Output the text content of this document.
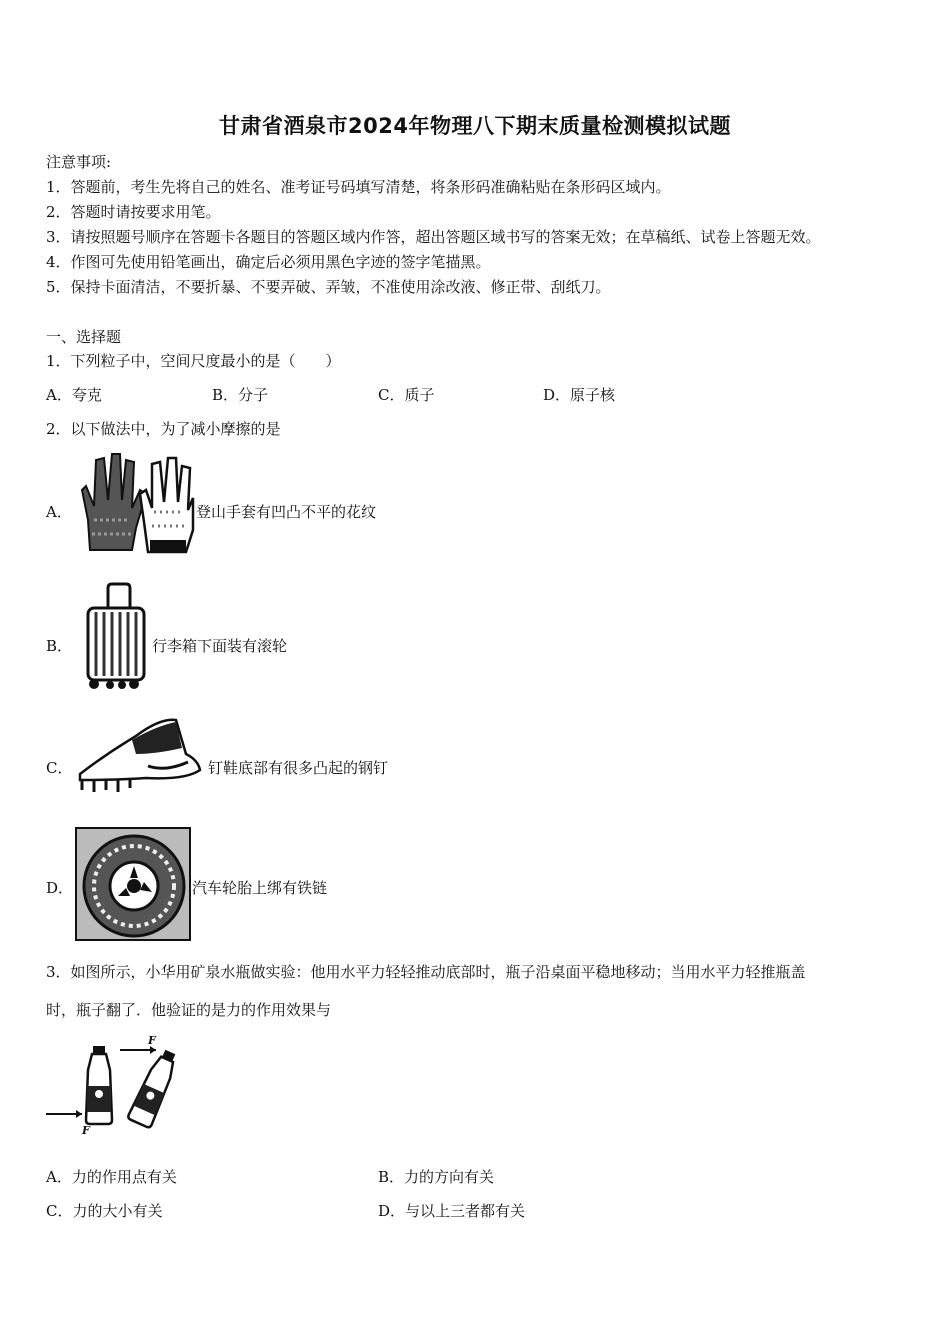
甘肃省酒泉市2024年物理八下期末质量检测模拟试题
注意事项:
1．答题前，考生先将自己的姓名、准考证号码填写清楚，将条形码准确粘贴在条形码区域内。
2．答题时请按要求用笔。
3．请按照题号顺序在答题卡各题目的答题区域内作答，超出答题区域书写的答案无效；在草稿纸、试卷上答题无效。
4．作图可先使用铅笔画出，确定后必须用黑色字迹的签字笔描黑。
5．保持卡面清洁，不要折暴、不要弄破、弄皱，不准使用涂改液、修正带、刮纸刀。
一、选择题
1．下列粒子中，空间尺度最小的是（　　）
A．夸克	B．分子	C．质子	D．原子核
2．以下做法中，为了减小摩擦的是
A．	登山手套有凹凸不平的花纹
B．	行李箱下面装有滚轮
C．	钉鞋底部有很多凸起的钢钉
D．	汽车轮胎上绑有铁链
3．如图所示，小华用矿泉水瓶做实验：他用水平力轻轻推动底部时，瓶子沿桌面平稳地移动；当用水平力轻推瓶盖
时，瓶子翻了．他验证的是力的作用效果与
F
F
A．力的作用点有关	B．力的方向有关
C．力的大小有关	D．与以上三者都有关
